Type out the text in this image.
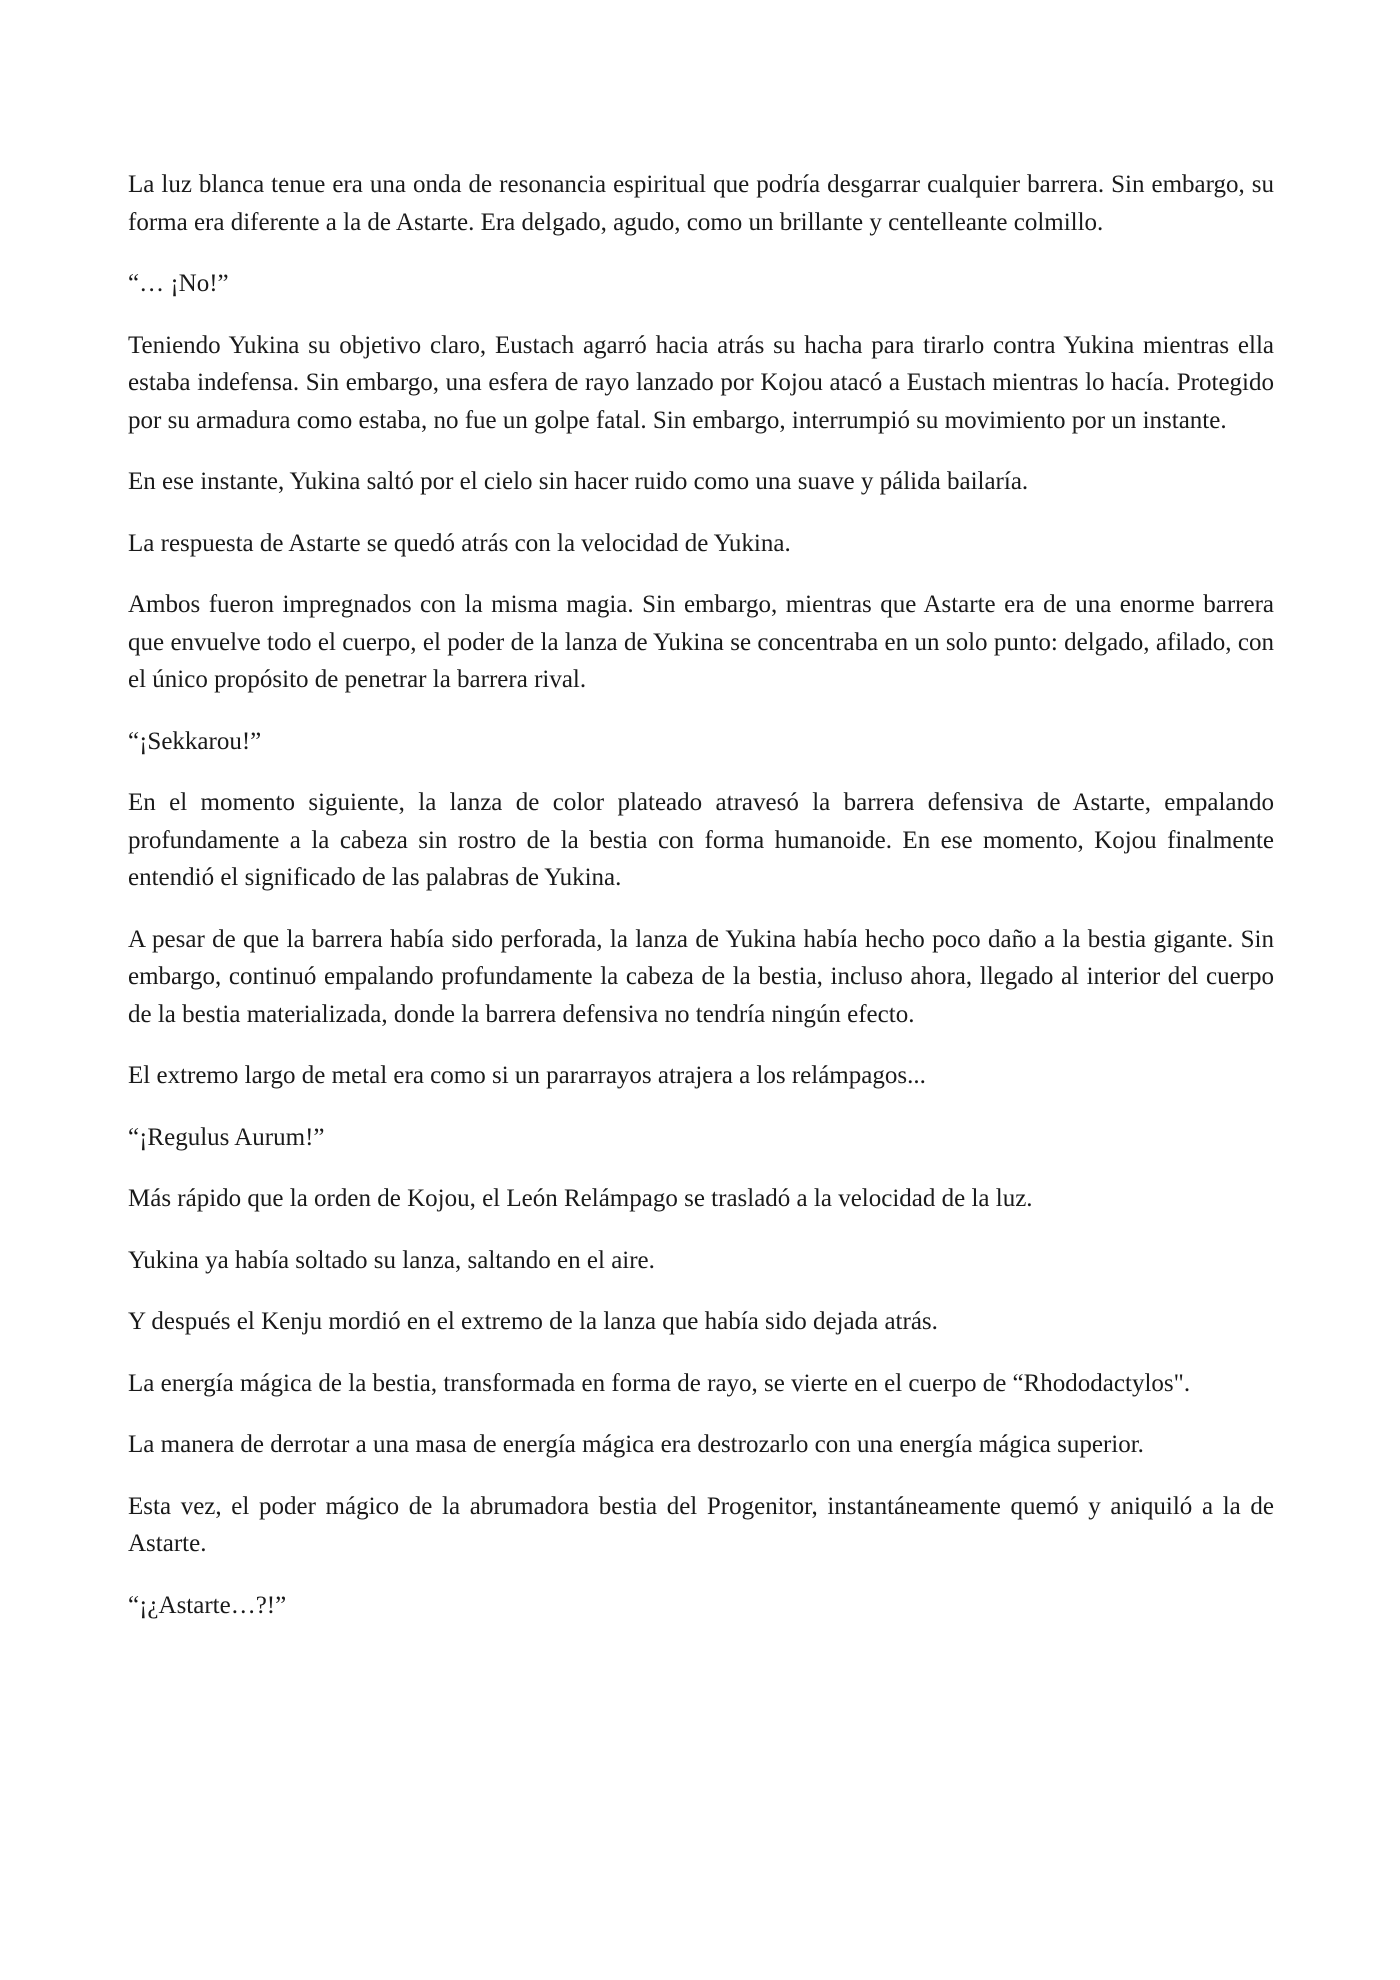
La luz blanca tenue era una onda de resonancia espiritual que podría desgarrar cualquier barrera. Sin embargo, su forma era diferente a la de Astarte. Era delgado, agudo, como un brillante y centelleante colmillo.

“… ¡No!”

Teniendo Yukina su objetivo claro, Eustach agarró hacia atrás su hacha para tirarlo contra Yukina mientras ella estaba indefensa. Sin embargo, una esfera de rayo lanzado por Kojou atacó a Eustach mientras lo hacía. Protegido por su armadura como estaba, no fue un golpe fatal. Sin embargo, interrumpió su movimiento por un instante.

En ese instante, Yukina saltó por el cielo sin hacer ruido como una suave y pálida bailaría.

La respuesta de Astarte se quedó atrás con la velocidad de Yukina.

Ambos fueron impregnados con la misma magia. Sin embargo, mientras que Astarte era de una enorme barrera que envuelve todo el cuerpo, el poder de la lanza de Yukina se concentraba en un solo punto: delgado, afilado, con el único propósito de penetrar la barrera rival.

“¡Sekkarou!”

En el momento siguiente, la lanza de color plateado atravesó la barrera defensiva de Astarte, empalando profundamente a la cabeza sin rostro de la bestia con forma humanoide. En ese momento, Kojou finalmente entendió el significado de las palabras de Yukina.

A pesar de que la barrera había sido perforada, la lanza de Yukina había hecho poco daño a la bestia gigante. Sin embargo, continuó empalando profundamente la cabeza de la bestia, incluso ahora, llegado al interior del cuerpo de la bestia materializada, donde la barrera defensiva no tendría ningún efecto.

El extremo largo de metal era como si un pararrayos atrajera a los relámpagos...

“¡Regulus Aurum!”

Más rápido que la orden de Kojou, el León Relámpago se trasladó a la velocidad de la luz.

Yukina ya había soltado su lanza, saltando en el aire.

Y después el Kenju mordió en el extremo de la lanza que había sido dejada atrás.

La energía mágica de la bestia, transformada en forma de rayo, se vierte en el cuerpo de “Rhododactylos".

La manera de derrotar a una masa de energía mágica era destrozarlo con una energía mágica superior.

Esta vez, el poder mágico de la abrumadora bestia del Progenitor, instantáneamente quemó y aniquiló a la de Astarte.

“¡¿Astarte…?!”
